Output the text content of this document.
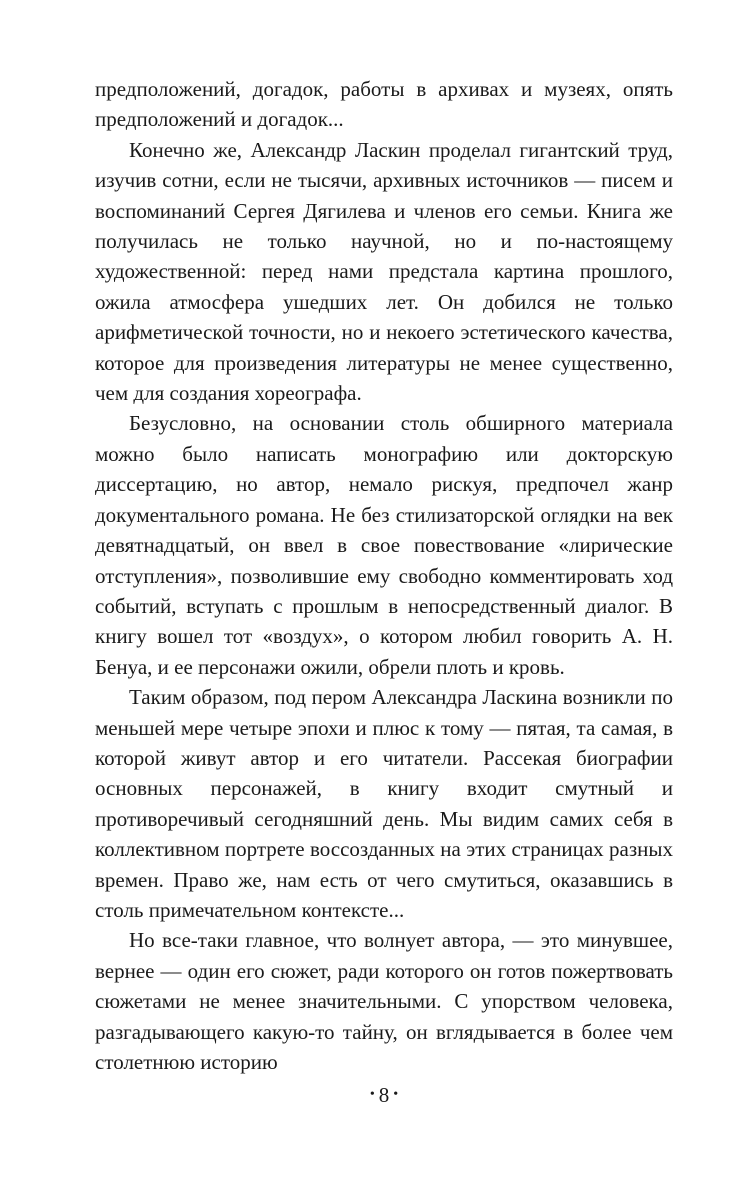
предположений, догадок, работы в архивах и музеях, опять предположений и догадок...

Конечно же, Александр Ласкин проделал гигантский труд, изучив сотни, если не тысячи, архивных источников — писем и воспоминаний Сергея Дягилева и членов его семьи. Книга же получилась не только научной, но и по-настоящему художественной: перед нами предстала картина прошлого, ожила атмосфера ушедших лет. Он добился не только арифметической точности, но и некоего эстетического качества, которое для произведения литературы не менее существенно, чем для создания хореографа.

Безусловно, на основании столь обширного материала можно было написать монографию или докторскую диссертацию, но автор, немало рискуя, предпочел жанр документального романа. Не без стилизаторской оглядки на век девятнадцатый, он ввел в свое повествование «лирические отступления», позволившие ему свободно комментировать ход событий, вступать с прошлым в непосредственный диалог. В книгу вошел тот «воздух», о котором любил говорить А. Н. Бенуа, и ее персонажи ожили, обрели плоть и кровь.

Таким образом, под пером Александра Ласкина возникли по меньшей мере четыре эпохи и плюс к тому — пятая, та самая, в которой живут автор и его читатели. Рассекая биографии основных персонажей, в книгу входит смутный и противоречивый сегодняшний день. Мы видим самих себя в коллективном портрете воссозданных на этих страницах разных времен. Право же, нам есть от чего смутиться, оказавшись в столь примечательном контексте...

Но все-таки главное, что волнует автора, — это минувшее, вернее — один его сюжет, ради которого он готов пожертвовать сюжетами не менее значительными. С упорством человека, разгадывающего какую-то тайну, он вглядывается в более чем столетнюю историю

• 8 •
